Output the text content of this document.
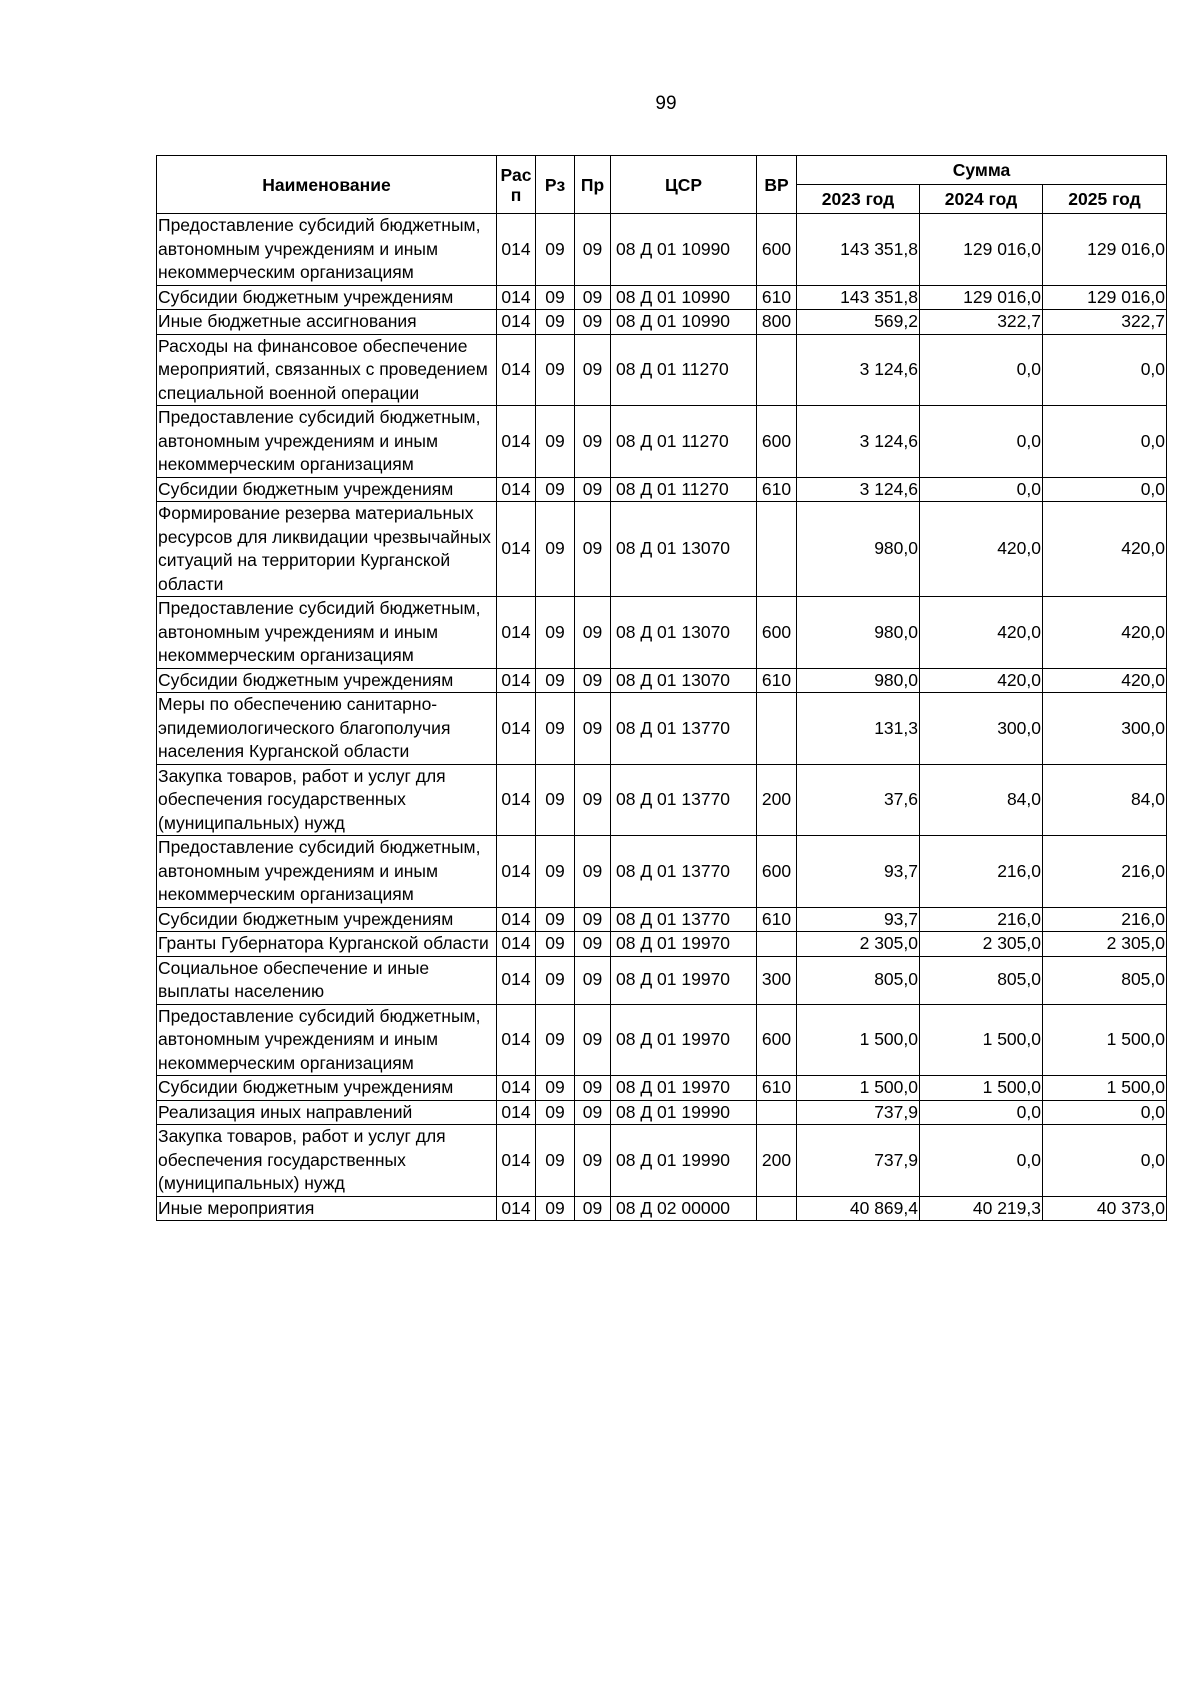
99
Наименование	Рас п	Рз	Пр	ЦСР	ВР	Сумма		
						2023 год	2024 год	2025 год
Предоставление субсидий бюджетным, автономным учреждениям и иным некоммерческим организациям	014	09	09	08 Д 01 10990	600	143 351,8	129 016,0	129 016,0
Субсидии бюджетным учреждениям	014	09	09	08 Д 01 10990	610	143 351,8	129 016,0	129 016,0
Иные бюджетные ассигнования	014	09	09	08 Д 01 10990	800	569,2	322,7	322,7
Расходы на финансовое обеспечение мероприятий, связанных с проведением специальной военной операции	014	09	09	08 Д 01 11270		3 124,6	0,0	0,0
Предоставление субсидий бюджетным, автономным учреждениям и иным некоммерческим организациям	014	09	09	08 Д 01 11270	600	3 124,6	0,0	0,0
Субсидии бюджетным учреждениям	014	09	09	08 Д 01 11270	610	3 124,6	0,0	0,0
Формирование резерва материальных ресурсов для ликвидации чрезвычайных ситуаций на территории Курганской области	014	09	09	08 Д 01 13070		980,0	420,0	420,0
Предоставление субсидий бюджетным, автономным учреждениям и иным некоммерческим организациям	014	09	09	08 Д 01 13070	600	980,0	420,0	420,0
Субсидии бюджетным учреждениям	014	09	09	08 Д 01 13070	610	980,0	420,0	420,0
Меры по обеспечению санитарно-эпидемиологического благополучия населения Курганской области	014	09	09	08 Д 01 13770		131,3	300,0	300,0
Закупка товаров, работ и услуг для обеспечения государственных (муниципальных) нужд	014	09	09	08 Д 01 13770	200	37,6	84,0	84,0
Предоставление субсидий бюджетным, автономным учреждениям и иным некоммерческим организациям	014	09	09	08 Д 01 13770	600	93,7	216,0	216,0
Субсидии бюджетным учреждениям	014	09	09	08 Д 01 13770	610	93,7	216,0	216,0
Гранты Губернатора Курганской области	014	09	09	08 Д 01 19970		2 305,0	2 305,0	2 305,0
Социальное обеспечение и иные выплаты населению	014	09	09	08 Д 01 19970	300	805,0	805,0	805,0
Предоставление субсидий бюджетным, автономным учреждениям и иным некоммерческим организациям	014	09	09	08 Д 01 19970	600	1 500,0	1 500,0	1 500,0
Субсидии бюджетным учреждениям	014	09	09	08 Д 01 19970	610	1 500,0	1 500,0	1 500,0
Реализация иных направлений	014	09	09	08 Д 01 19990		737,9	0,0	0,0
Закупка товаров, работ и услуг для обеспечения государственных (муниципальных) нужд	014	09	09	08 Д 01 19990	200	737,9	0,0	0,0
Иные мероприятия	014	09	09	08 Д 02 00000		40 869,4	40 219,3	40 373,0
